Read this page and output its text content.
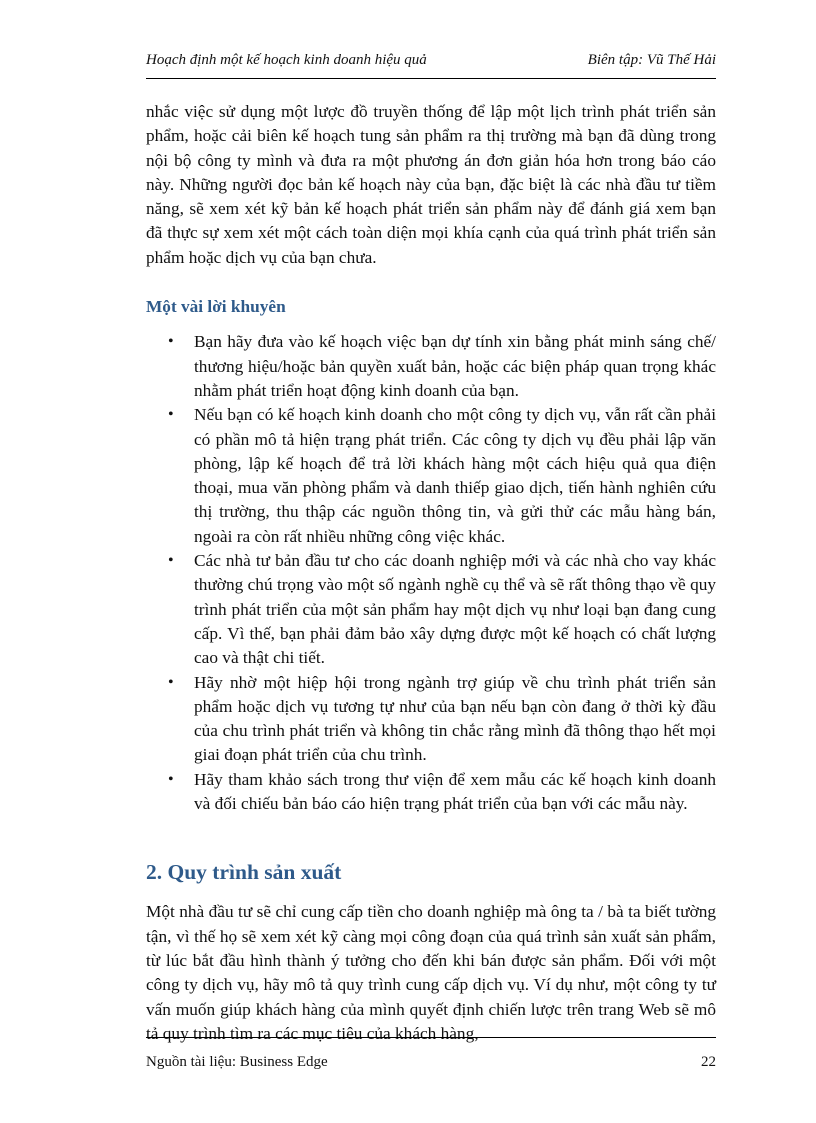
Hoạch định một kế hoạch kinh doanh hiệu quả	Biên tập: Vũ Thế Hải

nhắc việc sử dụng một lược đồ truyền thống để lập một lịch trình phát triển sản phẩm, hoặc cải biên kế hoạch tung sản phẩm ra thị trường mà bạn đã dùng trong nội bộ công ty mình và đưa ra một phương án đơn giản hóa hơn trong báo cáo này. Những người đọc bản kế hoạch này của bạn, đặc biệt là các nhà đầu tư tiềm năng, sẽ xem xét kỹ bản kế hoạch phát triển sản phẩm này để đánh giá xem bạn đã thực sự xem xét một cách toàn diện mọi khía cạnh của quá trình phát triển sản phẩm hoặc dịch vụ của bạn chưa.

Một vài lời khuyên
• Bạn hãy đưa vào kế hoạch việc bạn dự tính xin bằng phát minh sáng chế/ thương hiệu/hoặc bản quyền xuất bản, hoặc các biện pháp quan trọng khác nhằm phát triển hoạt động kinh doanh của bạn.
• Nếu bạn có kế hoạch kinh doanh cho một công ty dịch vụ, vẫn rất cần phải có phần mô tả hiện trạng phát triển. Các công ty dịch vụ đều phải lập văn phòng, lập kế hoạch để trả lời khách hàng một cách hiệu quả qua điện thoại, mua văn phòng phẩm và danh thiếp giao dịch, tiến hành nghiên cứu thị trường, thu thập các nguồn thông tin, và gửi thử các mẫu hàng bán, ngoài ra còn rất nhiều những công việc khác.
• Các nhà tư bản đầu tư cho các doanh nghiệp mới và các nhà cho vay khác thường chú trọng vào một số ngành nghề cụ thể và sẽ rất thông thạo về quy trình phát triển của một sản phẩm hay một dịch vụ như loại bạn đang cung cấp. Vì thế, bạn phải đảm bảo xây dựng được một kế hoạch có chất lượng cao và thật chi tiết.
• Hãy nhờ một hiệp hội trong ngành trợ giúp về chu trình phát triển sản phẩm hoặc dịch vụ tương tự như của bạn nếu bạn còn đang ở thời kỳ đầu của chu trình phát triển và không tin chắc rằng mình đã thông thạo hết mọi giai đoạn phát triển của chu trình.
• Hãy tham khảo sách trong thư viện để xem mẫu các kế hoạch kinh doanh và đối chiếu bản báo cáo hiện trạng phát triển của bạn với các mẫu này.
2. Quy trình sản xuất

Một nhà đầu tư sẽ chỉ cung cấp tiền cho doanh nghiệp mà ông ta / bà ta biết tường tận, vì thế họ sẽ xem xét kỹ càng mọi công đoạn của quá trình sản xuất sản phẩm, từ lúc bắt đầu hình thành ý tưởng cho đến khi bán được sản phẩm. Đối với một công ty dịch vụ, hãy mô tả quy trình cung cấp dịch vụ. Ví dụ như, một công ty tư vấn muốn giúp khách hàng của mình quyết định chiến lược trên trang Web sẽ mô tả quy trình tìm ra các mục tiêu của khách hàng,

Nguồn tài liệu: Business Edge	22
